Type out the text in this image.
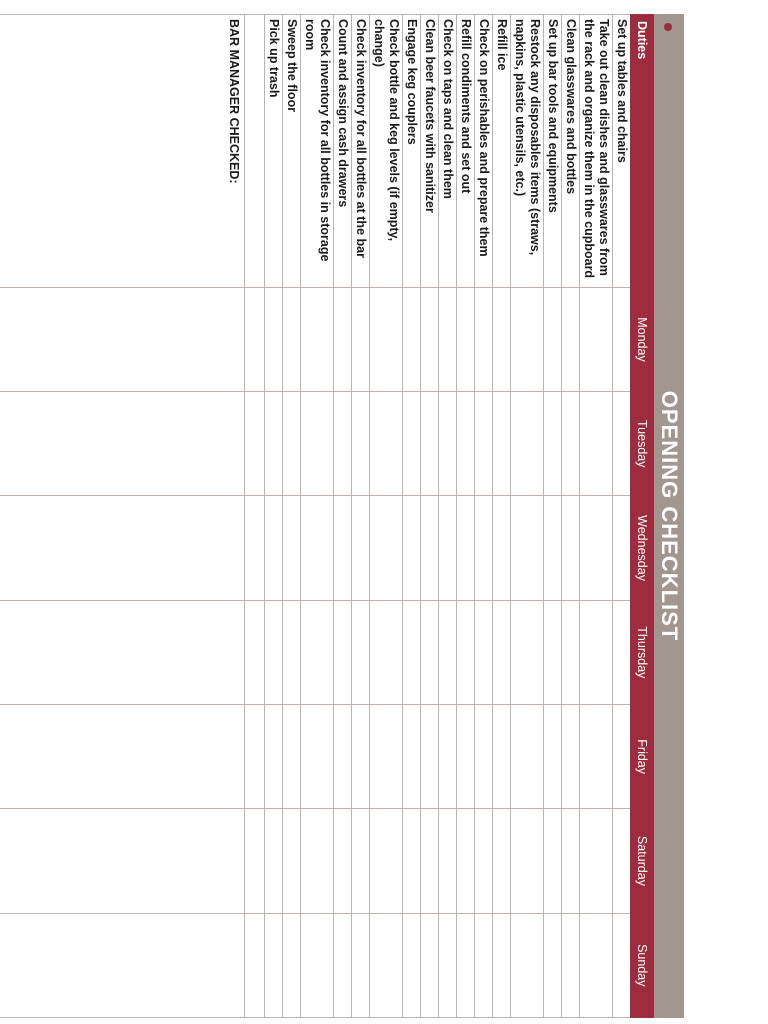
OPENING CHECKLIST
Duties	Monday	Tuesday	Wednesday	Thursday	Friday	Saturday	Sunday
Set up tables and chairs							
Take out clean dishes and glasswares from the rack and organize them in the cupboard							
Clean glasswares and bottles							
Set up bar tools and equipments							
Restock any disposables items (straws, napkins, plastic utensils, etc.)							
Refill ice							
Check on perishables and prepare them							
Refill condiments and set out							
Check on taps and clean them							
Clean beer faucets with sanitizer							
Engage keg couplers							
Check bottle and keg levels (if empty, change)							
Check inventory for all bottles at the bar							
Count and assign cash drawers							
Check inventory for all bottles in storage room							
Sweep the floor							
Pick up trash							

BAR MANAGER CHECKED:							
